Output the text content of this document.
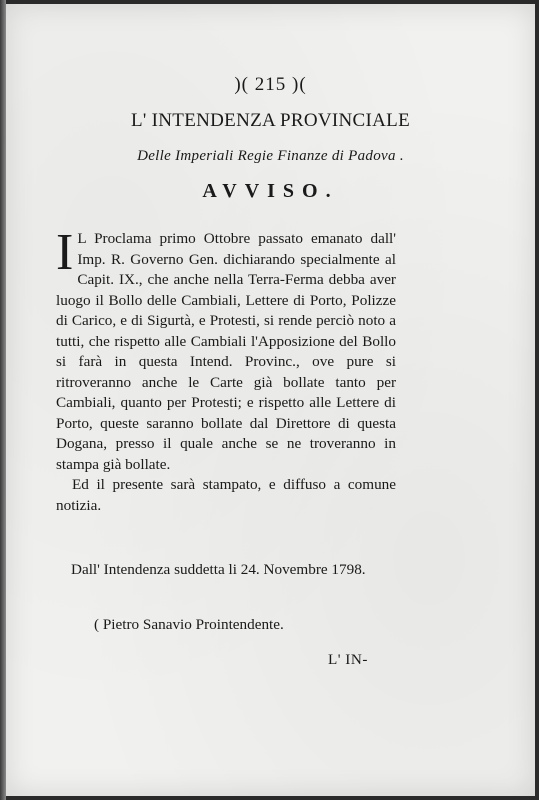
)( 215 )(
L' INTENDENZA PROVINCIALE
Delle Imperiali Regie Finanze di Padova .
AVVISO.

I L Proclama primo Ottobre passato emanato dall' Imp. R. Governo Gen. dichiarando specialmente al Capit. IX., che anche nella Terra-Ferma debba aver luogo il Bollo delle Cambiali, Lettere di Porto, Polizze di Carico, e di Sigurtà, e Protesti, si rende perciò noto a tutti, che rispetto alle Cambiali l'Apposizione del Bollo si farà in questa Intend. Provinc., ove pure si ritroveranno anche le Carte già bollate tanto per Cambiali, quanto per Protesti; e rispetto alle Lettere di Porto, queste saranno bollate dal Direttore di questa Dogana, presso il quale anche se ne troveranno in stampa già bollate.

Ed il presente sarà stampato, e diffuso a comune notizia.

Dall' Intendenza suddetta li 24. Novembre 1798.
( Pietro Sanavio Prointendente.
L' IN-
